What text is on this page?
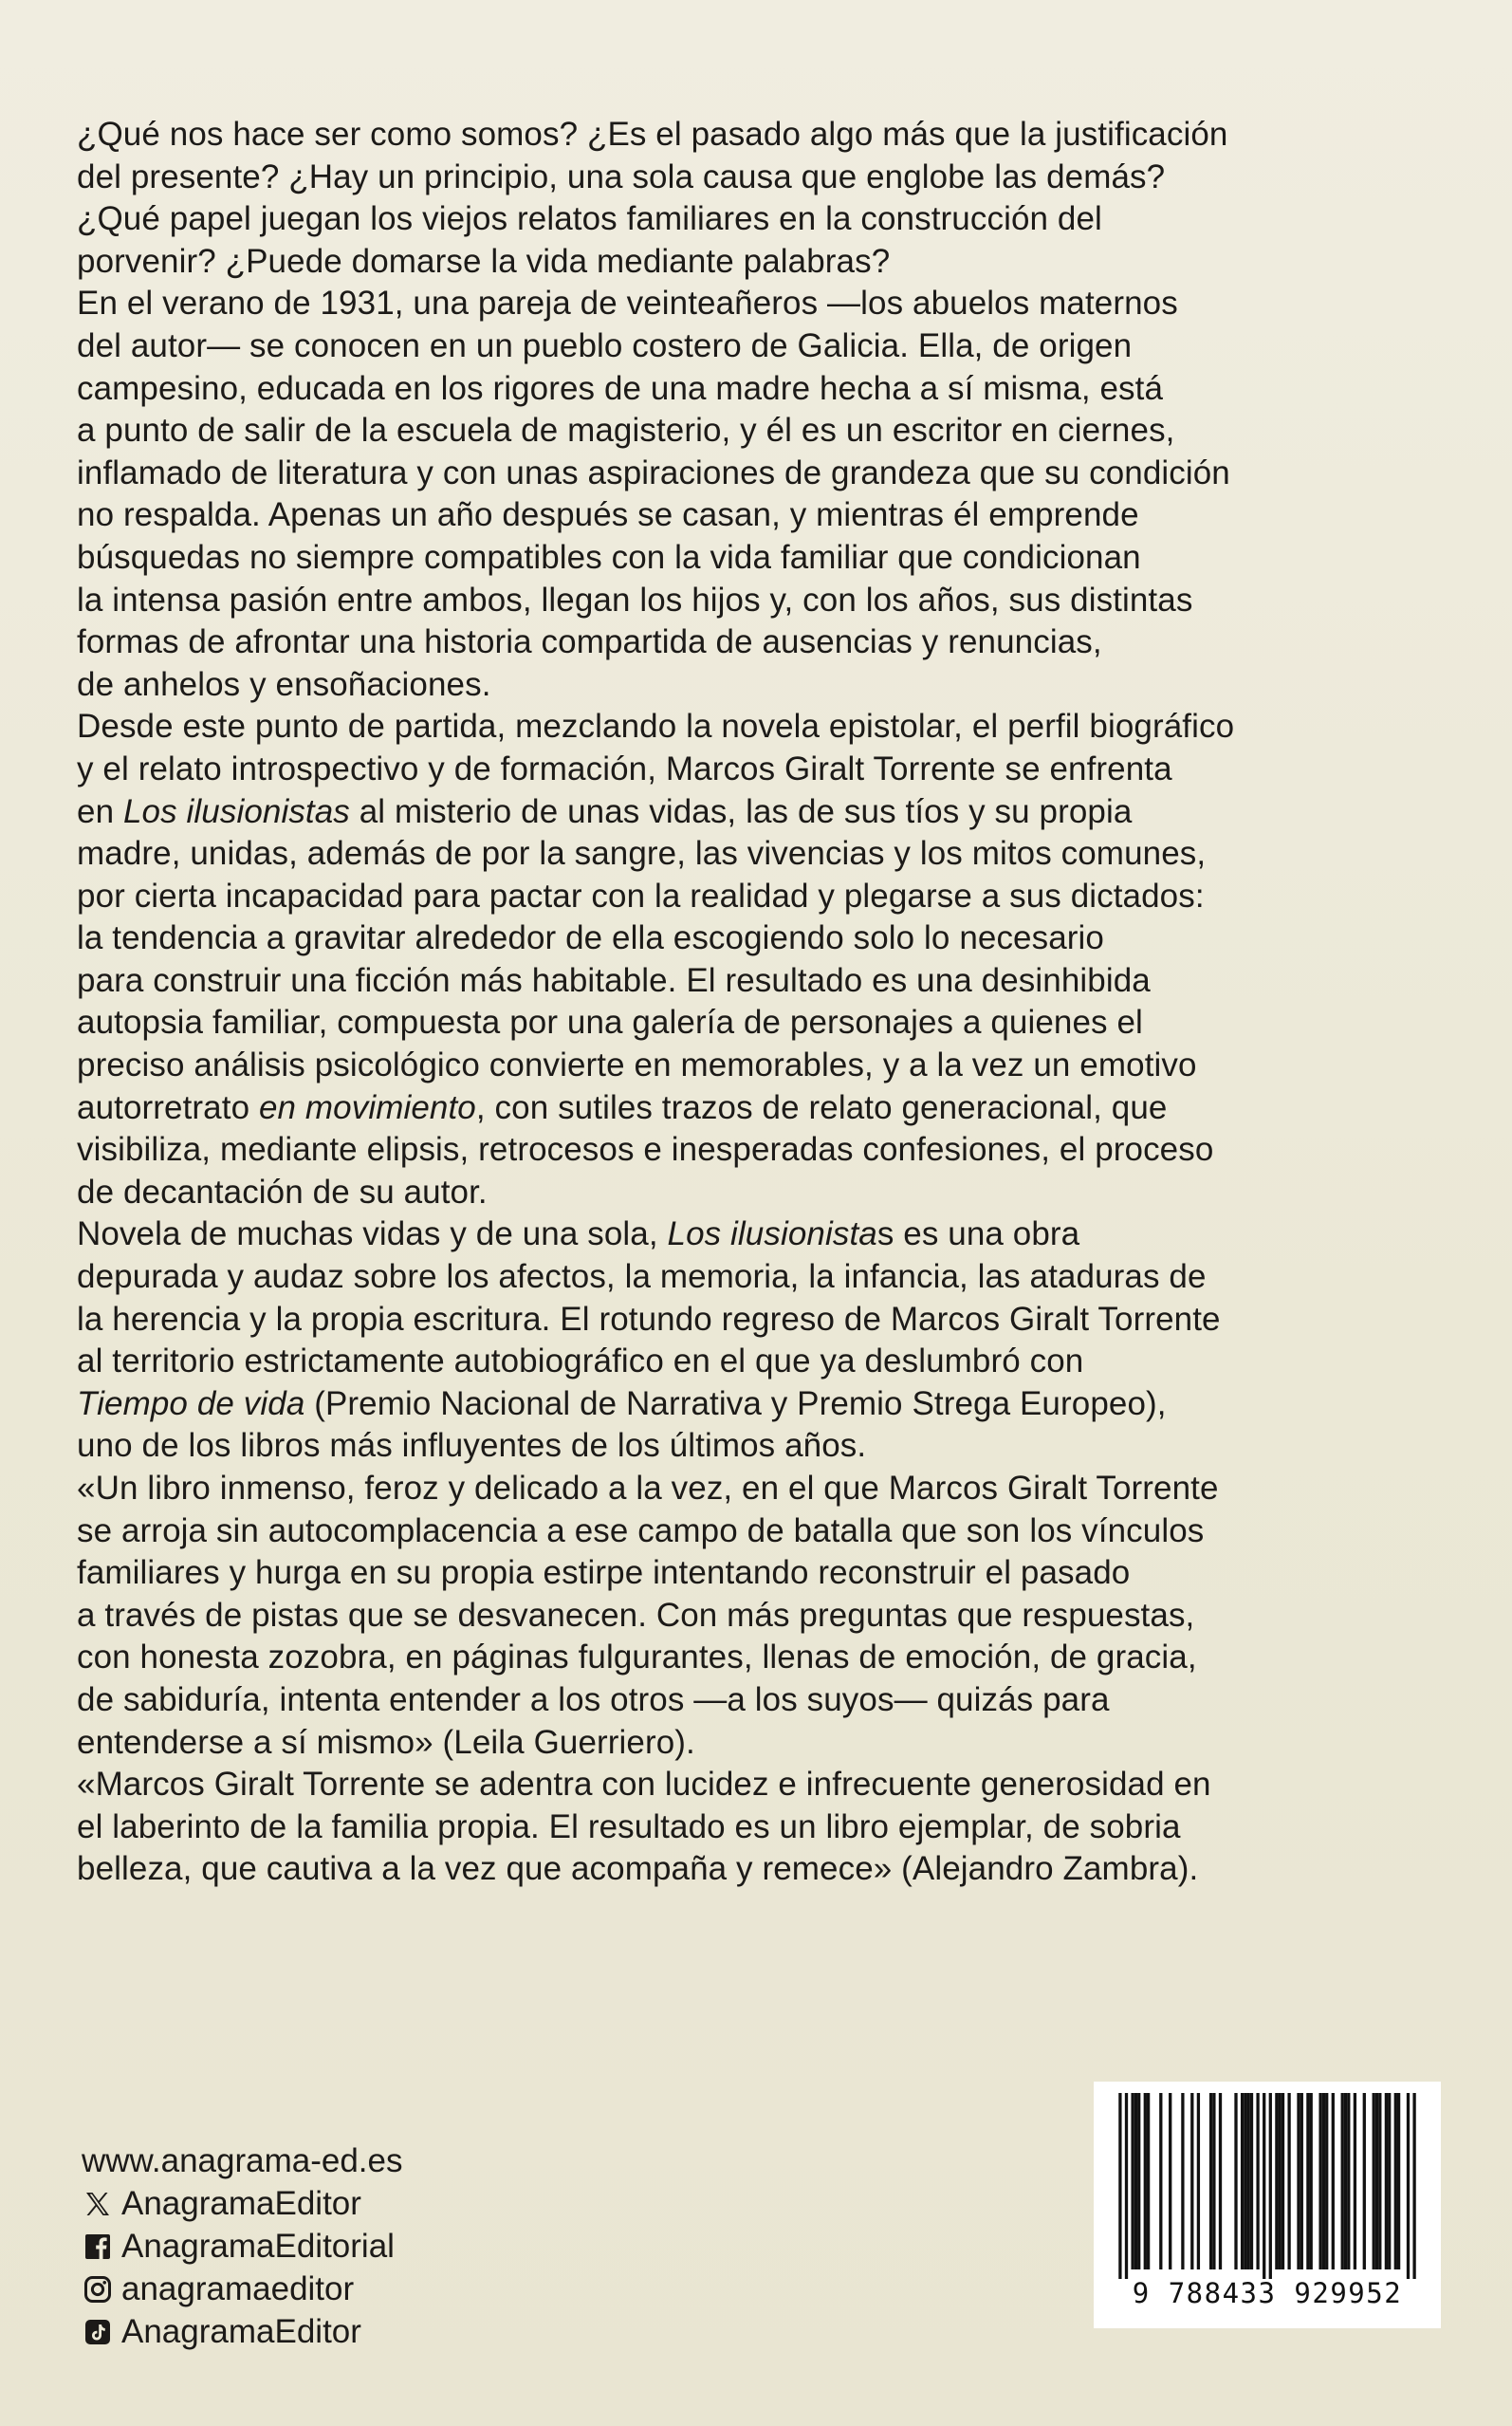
¿Qué nos hace ser como somos? ¿Es el pasado algo más que la justificación
del presente? ¿Hay un principio, una sola causa que englobe las demás?
¿Qué papel juegan los viejos relatos familiares en la construcción del
porvenir? ¿Puede domarse la vida mediante palabras?

En el verano de 1931, una pareja de veinteañeros —los abuelos maternos
del autor— se conocen en un pueblo costero de Galicia. Ella, de origen
campesino, educada en los rigores de una madre hecha a sí misma, está
a punto de salir de la escuela de magisterio, y él es un escritor en ciernes,
inflamado de literatura y con unas aspiraciones de grandeza que su condición
no respalda. Apenas un año después se casan, y mientras él emprende
búsquedas no siempre compatibles con la vida familiar que condicionan
la intensa pasión entre ambos, llegan los hijos y, con los años, sus distintas
formas de afrontar una historia compartida de ausencias y renuncias,
de anhelos y ensoñaciones.

Desde este punto de partida, mezclando la novela epistolar, el perfil biográfico
y el relato introspectivo y de formación, Marcos Giralt Torrente se enfrenta
en Los ilusionistas al misterio de unas vidas, las de sus tíos y su propia
madre, unidas, además de por la sangre, las vivencias y los mitos comunes,
por cierta incapacidad para pactar con la realidad y plegarse a sus dictados:
la tendencia a gravitar alrededor de ella escogiendo solo lo necesario
para construir una ficción más habitable. El resultado es una desinhibida
autopsia familiar, compuesta por una galería de personajes a quienes el
preciso análisis psicológico convierte en memorables, y a la vez un emotivo
autorretrato en movimiento, con sutiles trazos de relato generacional, que
visibiliza, mediante elipsis, retrocesos e inesperadas confesiones, el proceso
de decantación de su autor.

Novela de muchas vidas y de una sola, Los ilusionistas es una obra
depurada y audaz sobre los afectos, la memoria, la infancia, las ataduras de
la herencia y la propia escritura. El rotundo regreso de Marcos Giralt Torrente
al territorio estrictamente autobiográfico en el que ya deslumbró con
Tiempo de vida (Premio Nacional de Narrativa y Premio Strega Europeo),
uno de los libros más influyentes de los últimos años.

«Un libro inmenso, feroz y delicado a la vez, en el que Marcos Giralt Torrente
se arroja sin autocomplacencia a ese campo de batalla que son los vínculos
familiares y hurga en su propia estirpe intentando reconstruir el pasado
a través de pistas que se desvanecen. Con más preguntas que respuestas,
con honesta zozobra, en páginas fulgurantes, llenas de emoción, de gracia,
de sabiduría, intenta entender a los otros —a los suyos— quizás para
entenderse a sí mismo» (Leila Guerriero).

«Marcos Giralt Torrente se adentra con lucidez e infrecuente generosidad en
el laberinto de la familia propia. El resultado es un libro ejemplar, de sobria
belleza, que cautiva a la vez que acompaña y remece» (Alejandro Zambra).

www.anagrama-ed.es
AnagramaEditor
AnagramaEditorial
anagramaeditor
AnagramaEditor
9 788433 929952
